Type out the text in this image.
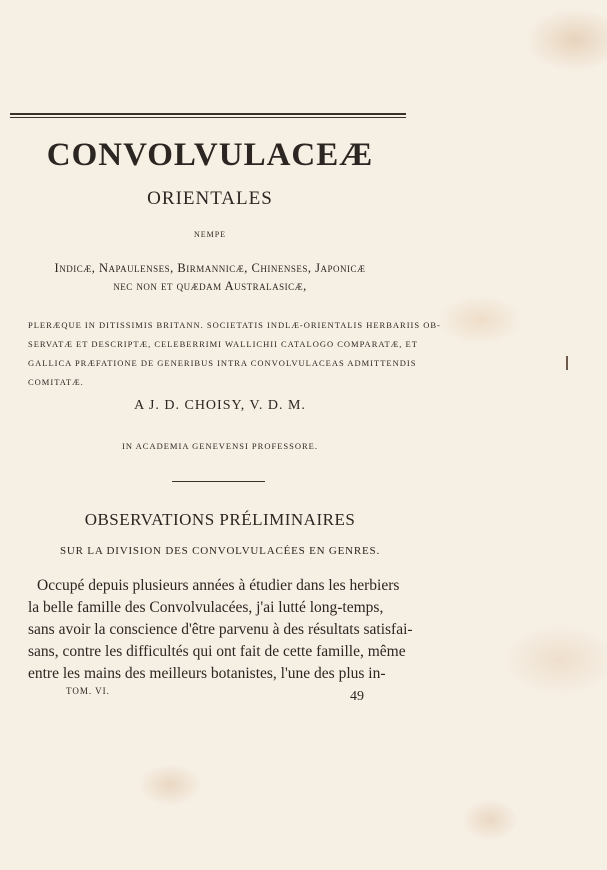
CONVOLVULACEÆ
ORIENTALES
NEMPE
Indicæ, Napaulenses, Birmannicæ, Chinenses, Japonicæ
nec non et quædam Australasicæ,
PLERÆQUE IN DITISSIMIS BRITANN. SOCIETATIS INDLÆ-ORIENTALIS HERBARIIS OB-
SERVATÆ ET DESCRIPTÆ, CELEBERRIMI WALLICHII CATALOGO COMPARATÆ, ET
GALLICA PRÆFATIONE DE GENERIBUS INTRA CONVOLVULACEAS ADMITTENDIS
COMITATÆ.
A J. D. CHOISY, V. D. M.
IN ACADEMIA GENEVENSI PROFESSORE.
OBSERVATIONS PRÉLIMINAIRES
SUR LA DIVISION DES CONVOLVULACÉES EN GENRES.
Occupé depuis plusieurs années à étudier dans les herbiers
la belle famille des Convolvulacées, j'ai lutté long-temps,
sans avoir la conscience d'être parvenu à des résultats satisfai-
sans, contre les difficultés qui ont fait de cette famille, même
entre les mains des meilleurs botanistes, l'une des plus in-
TOM. VI.	49
